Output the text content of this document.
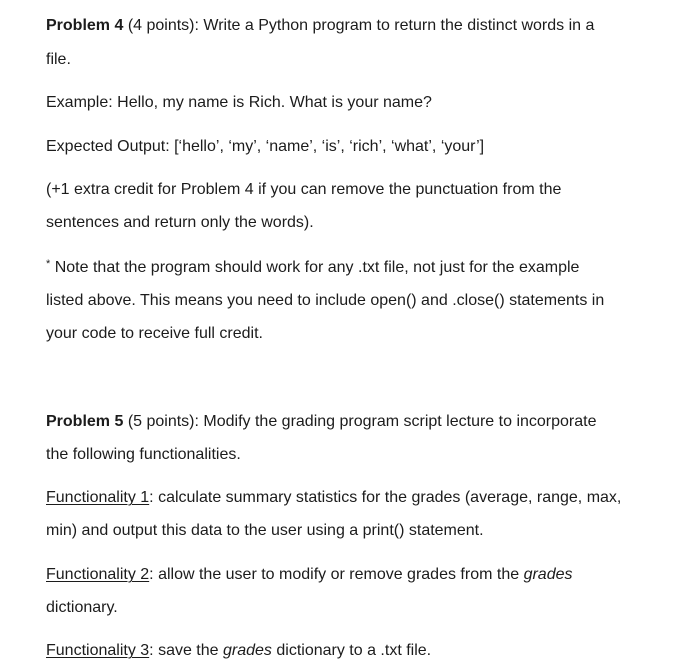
Problem 4 (4 points): Write a Python program to return the distinct words in a
file.
Example: Hello, my name is Rich. What is your name?
Expected Output: [‘hello’, ‘my’, ‘name’, ‘is’, ‘rich’, ‘what’, ‘your’]
(+1 extra credit for Problem 4 if you can remove the punctuation from the
sentences and return only the words).
* Note that the program should work for any .txt file, not just for the example
listed above. This means you need to include open() and .close() statements in
your code to receive full credit.
Problem 5 (5 points): Modify the grading program script lecture to incorporate
the following functionalities.
Functionality 1: calculate summary statistics for the grades (average, range, max,
min) and output this data to the user using a print() statement.
Functionality 2: allow the user to modify or remove grades from the grades
dictionary.
Functionality 3: save the grades dictionary to a .txt file.
